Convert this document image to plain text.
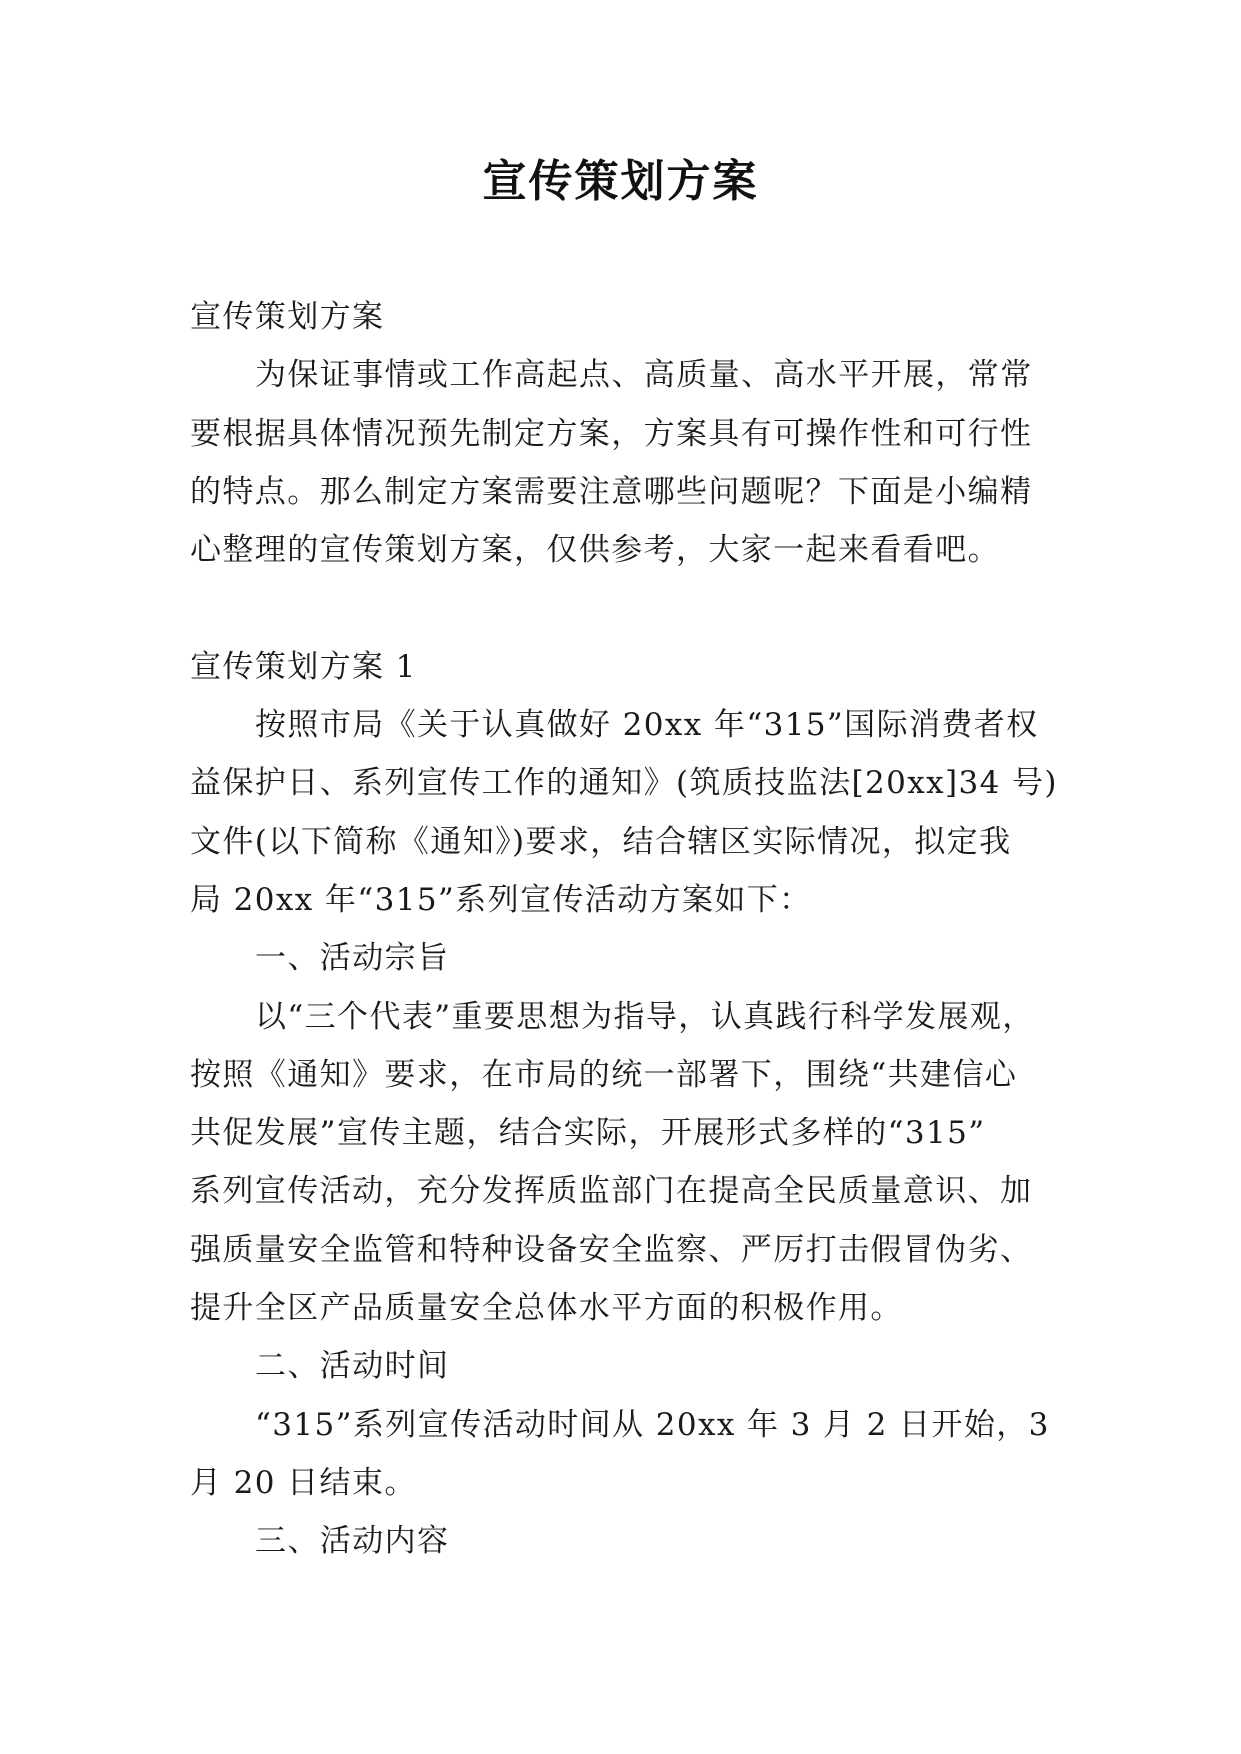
宣传策划方案

宣传策划方案

为保证事情或工作高起点、高质量、高水平开展，常常

要根据具体情况预先制定方案，方案具有可操作性和可行性

的特点。那么制定方案需要注意哪些问题呢？下面是小编精

心整理的宣传策划方案，仅供参考，大家一起来看看吧。

宣传策划方案 1

按照市局《关于认真做好 20xx 年“315”国际消费者权

益保护日、系列宣传工作的通知》(筑质技监法[20xx]34 号)

文件(以下简称《通知》)要求，结合辖区实际情况，拟定我

局 20xx 年“315”系列宣传活动方案如下：

一、活动宗旨

以“三个代表”重要思想为指导，认真践行科学发展观，

按照《通知》要求，在市局的统一部署下，围绕“共建信心

共促发展”宣传主题，结合实际，开展形式多样的“315”

系列宣传活动，充分发挥质监部门在提高全民质量意识、加

强质量安全监管和特种设备安全监察、严厉打击假冒伪劣、

提升全区产品质量安全总体水平方面的积极作用。

二、活动时间

“315”系列宣传活动时间从 20xx 年 3 月 2 日开始，3

月 20 日结束。

三、活动内容
